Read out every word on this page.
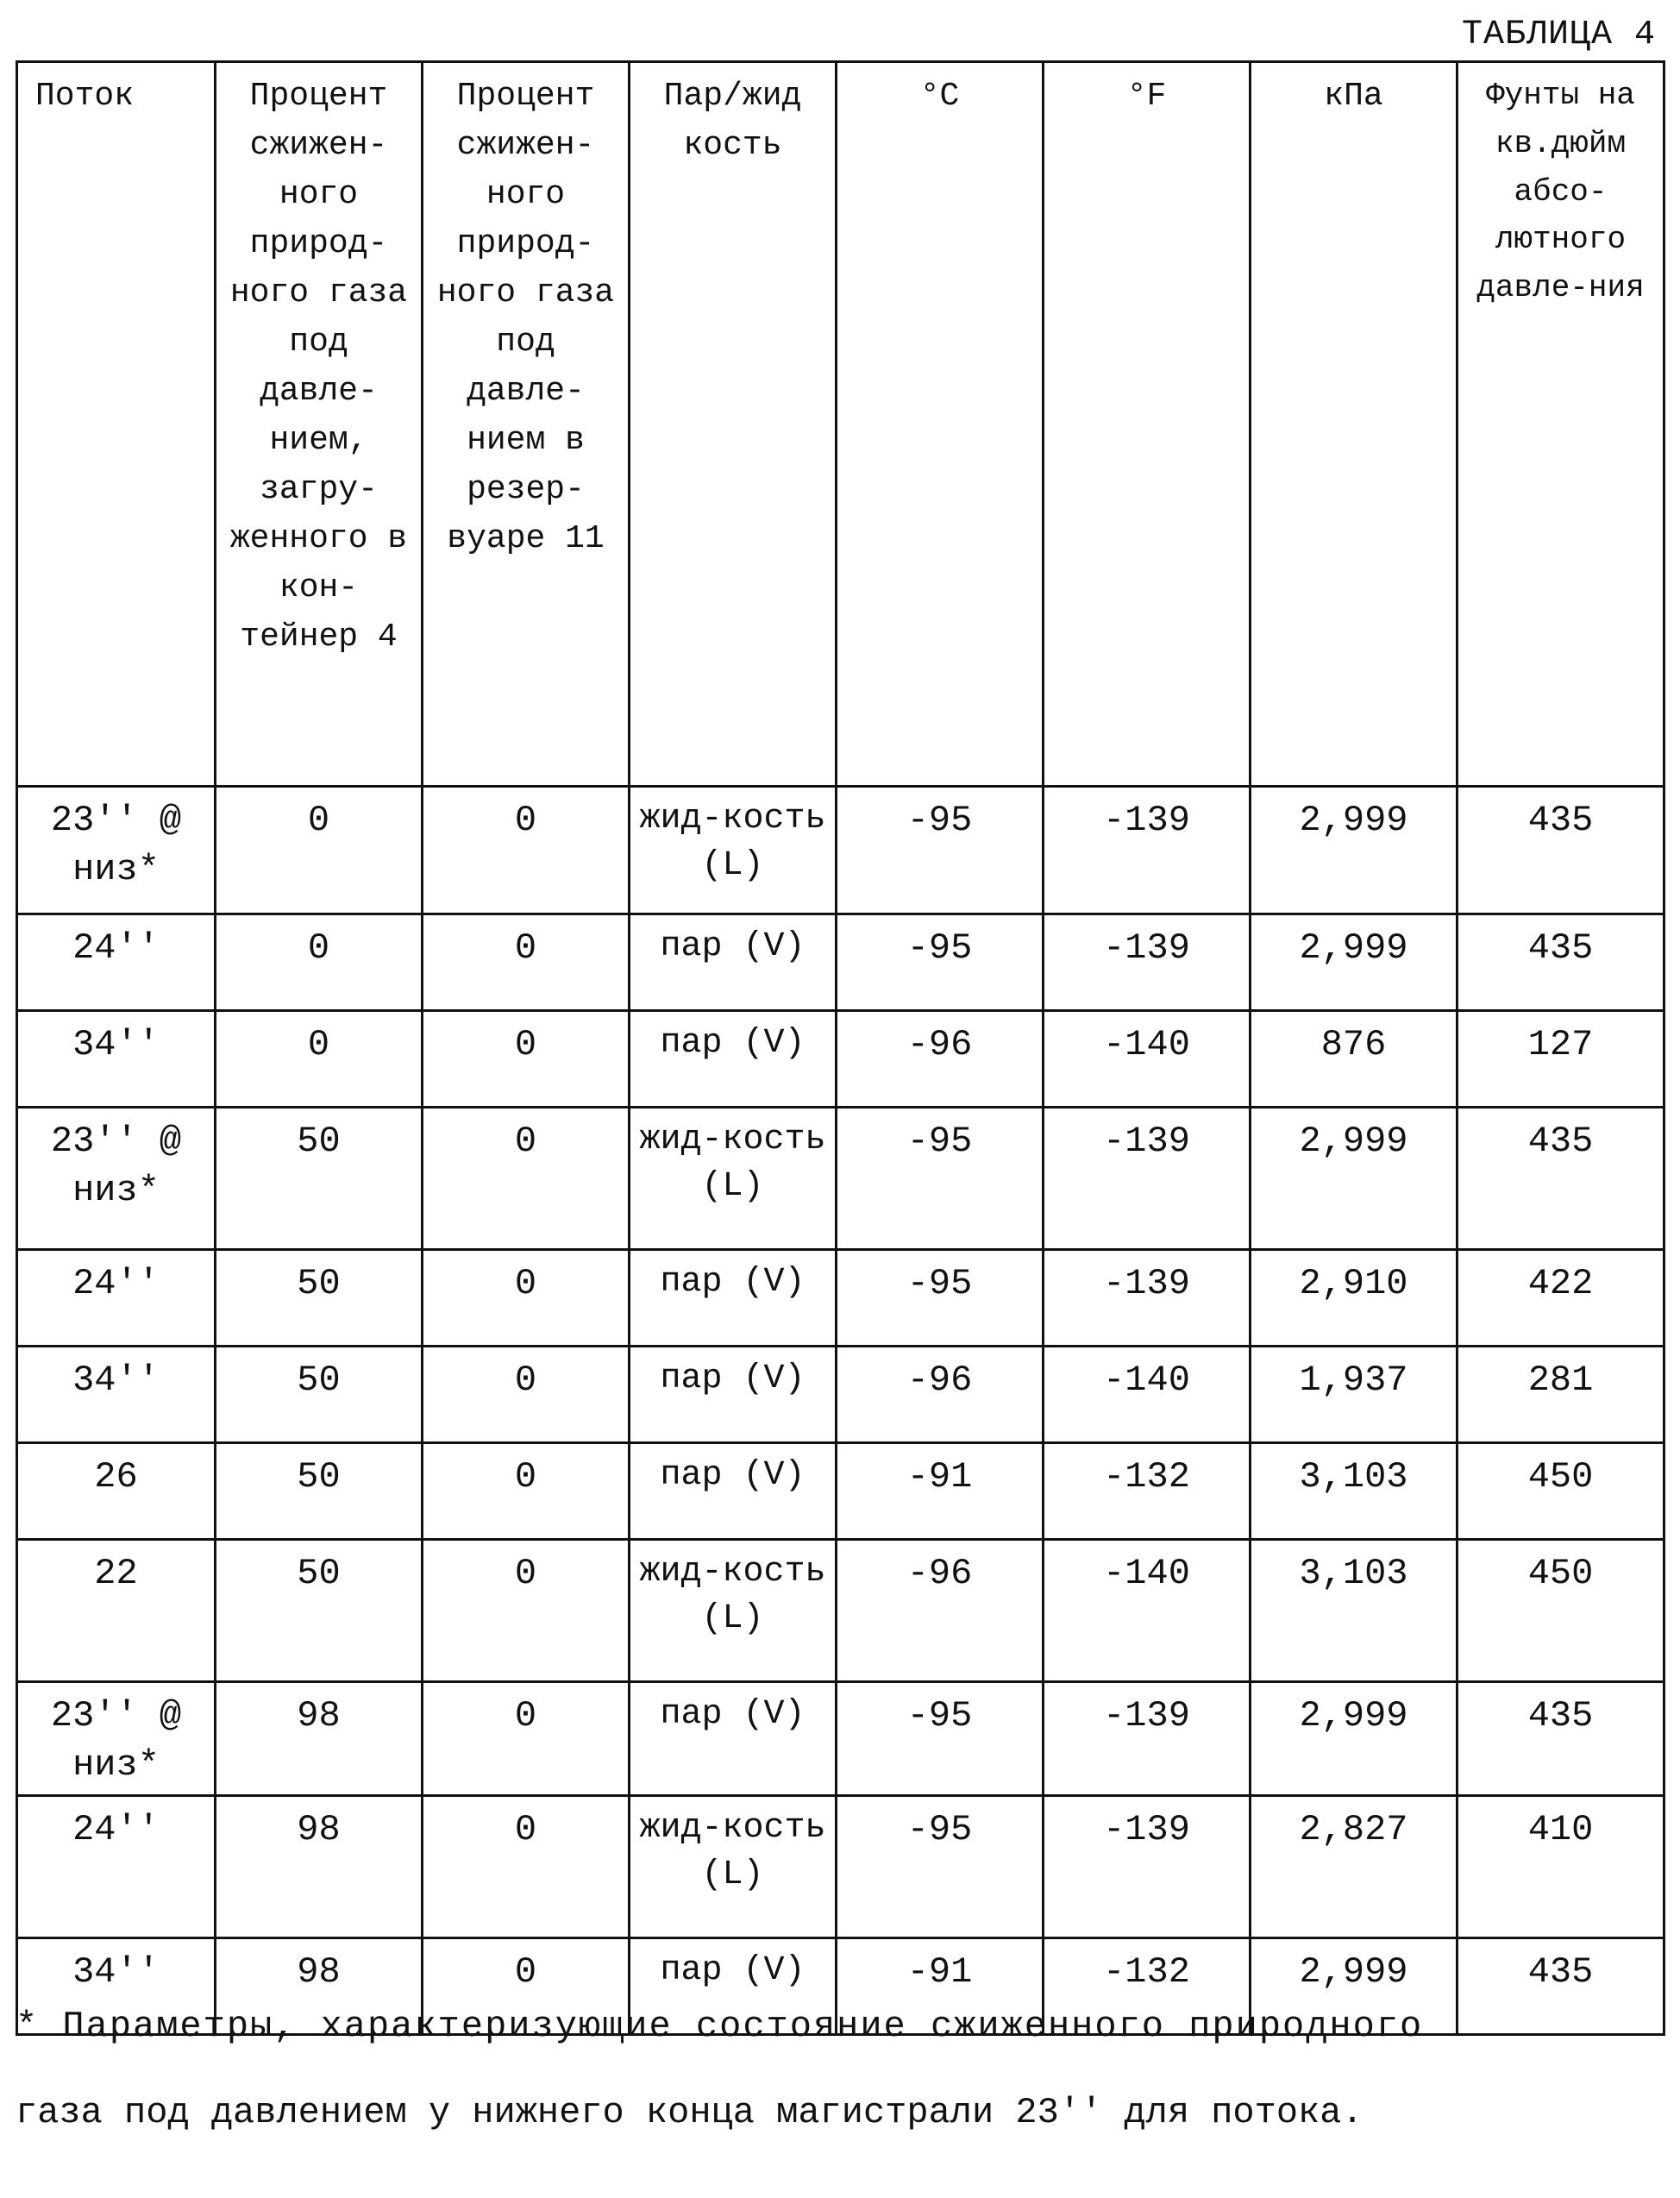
ТАБЛИЦА 4
Поток	Процент сжижен-ного природ-ного газа под давле-нием, загру-женного в кон-тейнер 4	Процент сжижен-ного природ-ного газа под давле-нием в резер-вуаре 11	Пар/жид кость	°C	°F	кПа	Фунты на кв.дюйм абсо-лютного давле-ния
23'' @ низ*	0	0	жид-кость (L)	-95	-139	2,999	435
24''	0	0	пар (V)	-95	-139	2,999	435
34''	0	0	пар (V)	-96	-140	876	127
23'' @ низ*	50	0	жид-кость (L)	-95	-139	2,999	435
24''	50	0	пар (V)	-95	-139	2,910	422
34''	50	0	пар (V)	-96	-140	1,937	281
26	50	0	пар (V)	-91	-132	3,103	450
22	50	0	жид-кость (L)	-96	-140	3,103	450
23'' @ низ*	98	0	пар (V)	-95	-139	2,999	435
24''	98	0	жид-кость (L)	-95	-139	2,827	410
34''	98	0	пар (V)	-91	-132	2,999	435
* Параметры, характеризующие состояние сжиженного природного
газа под давлением у нижнего конца магистрали 23'' для потока.
